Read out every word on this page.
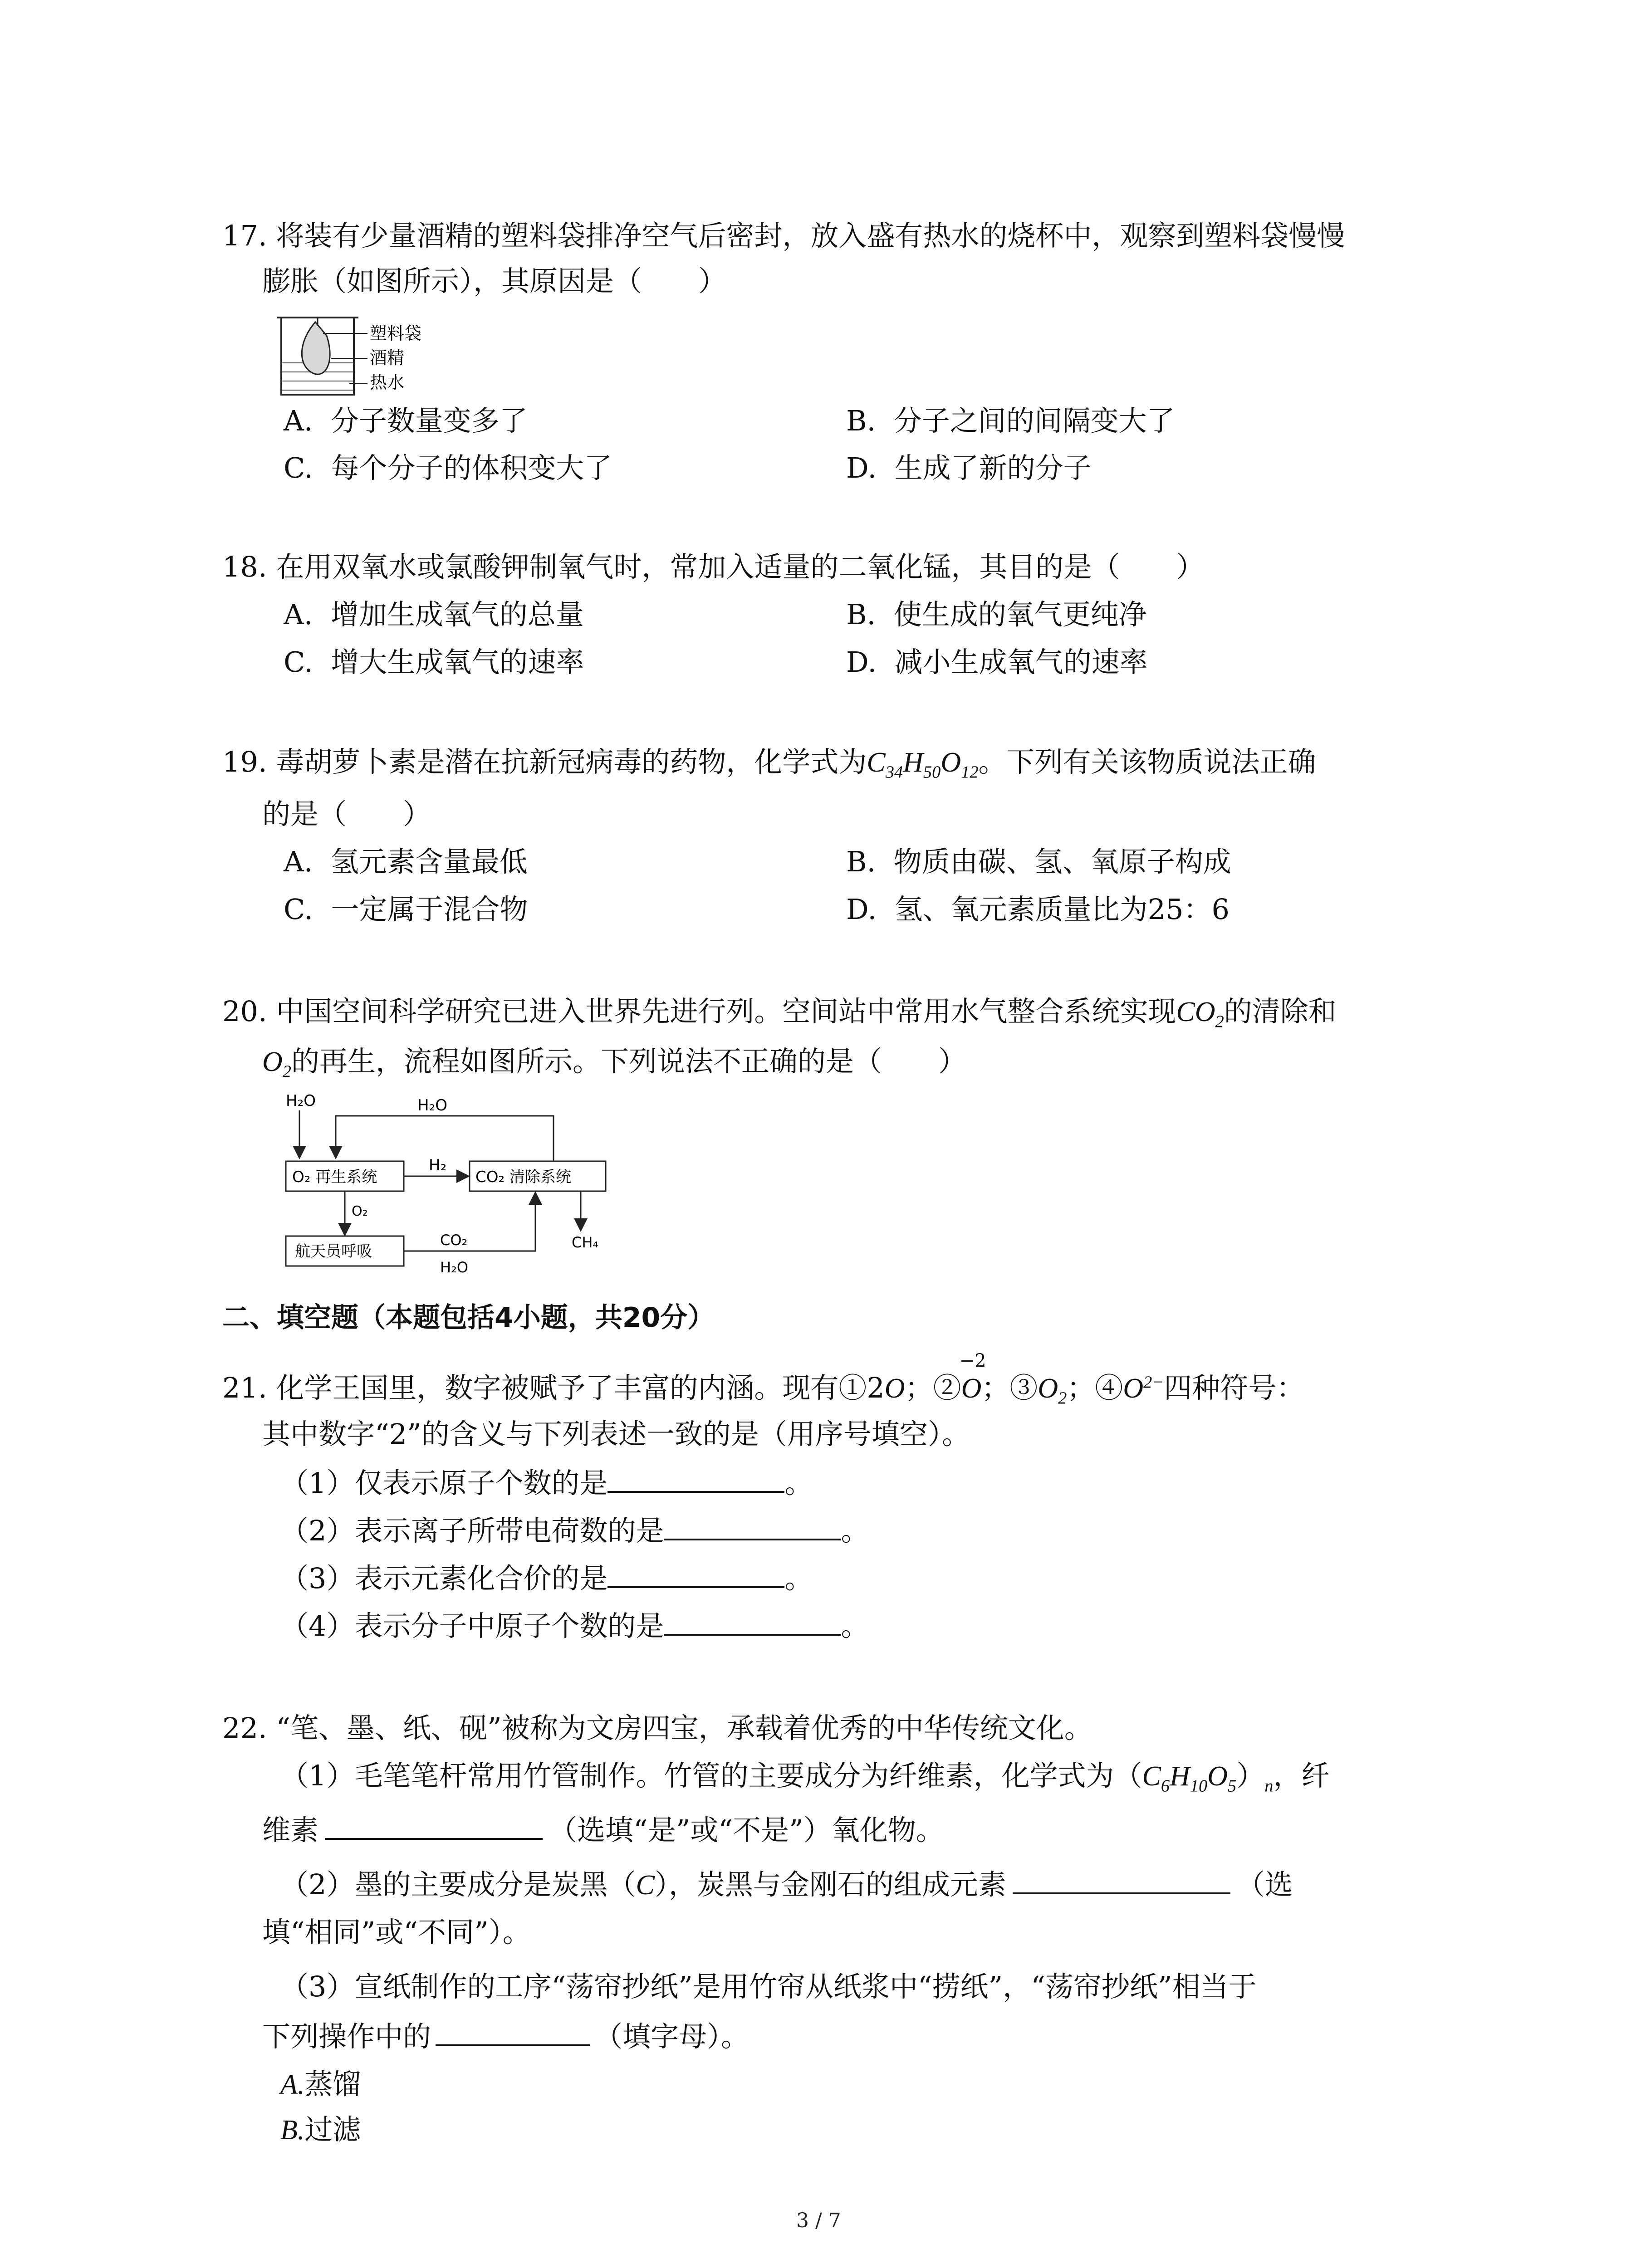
17. 将装有少量酒精的塑料袋排净空气后密封，放入盛有热水的烧杯中，观察到塑料袋慢慢
膨胀（如图所示），其原因是（　　）
塑料袋
酒精
热水
A. 分子数量变多了	B. 分子之间的间隔变大了
C. 每个分子的体积变大了	D. 生成了新的分子
18. 在用双氧水或氯酸钾制氧气时，常加入适量的二氧化锰，其目的是（　　）
A. 增加生成氧气的总量	B. 使生成的氧气更纯净
C. 增大生成氧气的速率	D. 减小生成氧气的速率
19. 毒胡萝卜素是潜在抗新冠病毒的药物，化学式为$C_{34}H_{50}O_{12}$。下列有关该物质说法正确
的是（　　）
A. 氢元素含量最低	B. 物质由碳、氢、氧原子构成
C. 一定属于混合物	D. 氢、氧元素质量比为25：6
20. 中国空间科学研究已进入世界先进行列。空间站中常用水气整合系统实现$CO_2$的清除和
$O_2$的再生，流程如图所示。下列说法不正确的是（　　）
H₂O	H₂O
O₂ 再生系统
H₂
CO₂ 清除系统
O₂
航天员呼吸
CO₂
H₂O
CH₄
二、填空题（本题包括4小题，共20分）
21. 化学王国里，数字被赋予了丰富的内涵。现有①2O；②
−2
O；$③O_2$；$④O^{2-}$四种符号：
其中数字“2”的含义与下列表述一致的是（用序号填空）。
（1）仅表示原子个数的是	。
（2）表示离子所带电荷数的是	。
（3）表示元素化合价的是	。
（4）表示分子中原子个数的是	。
22. “笔、墨、纸、砚”被称为文房四宝，承载着优秀的中华传统文化。
（1）毛笔笔杆常用竹管制作。竹管的主要成分为纤维素，化学式为$(C_6H_{10}O_5)_n$，纤
维素	（选填“是”或“不是”）氧化物。
（2）墨的主要成分是炭黑（C），炭黑与金刚石的组成元素	（选
填“相同”或“不同”）。
（3）宣纸制作的工序“荡帘抄纸”是用竹帘从纸浆中“捞纸”，“荡帘抄纸”相当于
下列操作中的	（填字母）。
A.蒸馏
B.过滤
3 / 7
